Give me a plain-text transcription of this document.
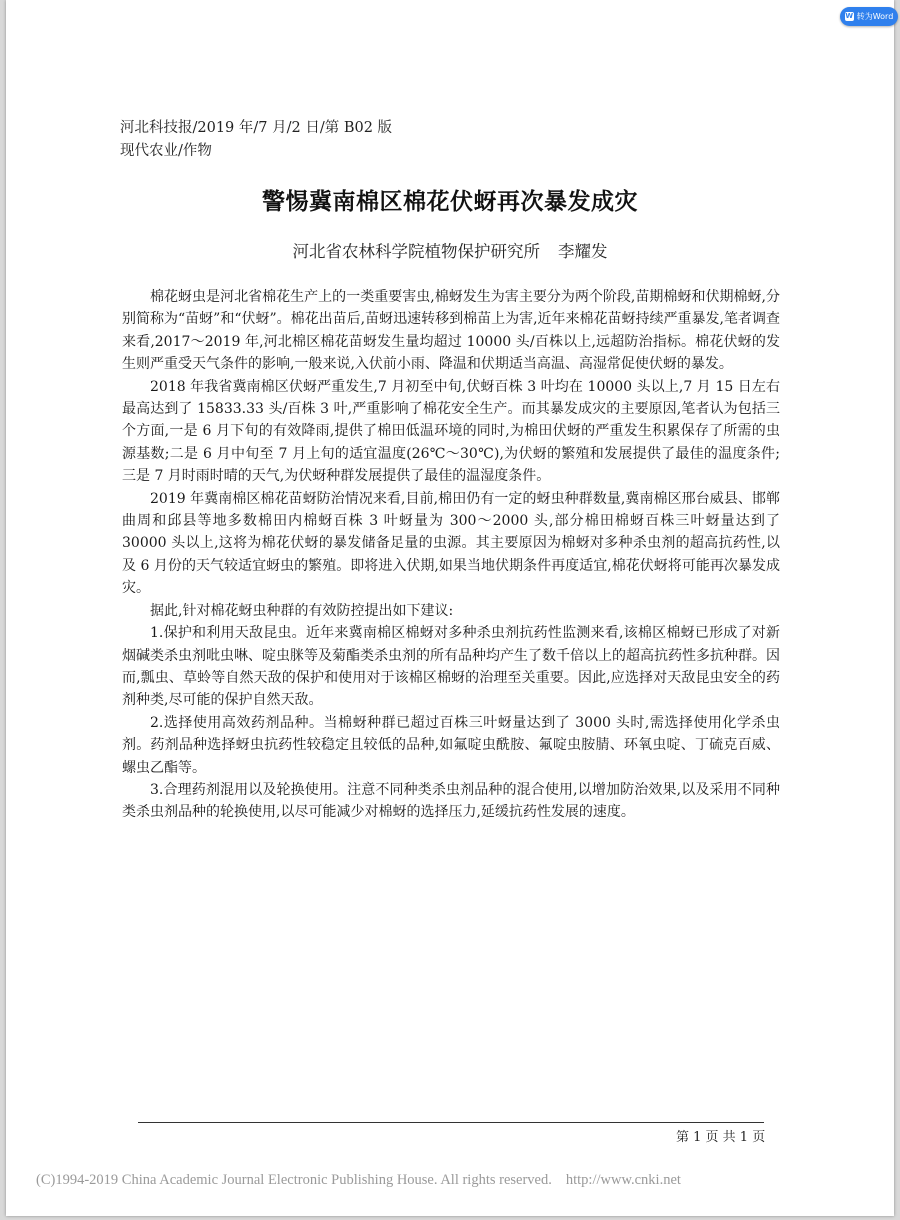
W 转为Word
河北科技报/2019 年/7 月/2 日/第 B02 版
现代农业/作物
警惕冀南棉区棉花伏蚜再次暴发成灾
河北省农林科学院植物保护研究所 李耀发

棉花蚜虫是河北省棉花生产上的一类重要害虫,棉蚜发生为害主要分为两个阶段,苗期棉蚜和伏期棉蚜,分别简称为“苗蚜”和“伏蚜”。棉花出苗后,苗蚜迅速转移到棉苗上为害,近年来棉花苗蚜持续严重暴发,笔者调查来看,2017～2019 年,河北棉区棉花苗蚜发生量均超过 10000 头/百株以上,远超防治指标。棉花伏蚜的发生则严重受天气条件的影响,一般来说,入伏前小雨、降温和伏期适当高温、高湿常促使伏蚜的暴发。

2018 年我省冀南棉区伏蚜严重发生,7 月初至中旬,伏蚜百株 3 叶均在 10000 头以上,7 月 15 日左右最高达到了 15833.33 头/百株 3 叶,严重影响了棉花安全生产。而其暴发成灾的主要原因,笔者认为包括三个方面,一是 6 月下旬的有效降雨,提供了棉田低温环境的同时,为棉田伏蚜的严重发生积累保存了所需的虫源基数;二是 6 月中旬至 7 月上旬的适宜温度(26℃～30℃),为伏蚜的繁殖和发展提供了最佳的温度条件;三是 7 月时雨时晴的天气,为伏蚜种群发展提供了最佳的温湿度条件。

2019 年冀南棉区棉花苗蚜防治情况来看,目前,棉田仍有一定的蚜虫种群数量,冀南棉区邢台威县、邯郸曲周和邱县等地多数棉田内棉蚜百株 3 叶蚜量为 300～2000 头,部分棉田棉蚜百株三叶蚜量达到了 30000 头以上,这将为棉花伏蚜的暴发储备足量的虫源。其主要原因为棉蚜对多种杀虫剂的超高抗药性,以及 6 月份的天气较适宜蚜虫的繁殖。即将进入伏期,如果当地伏期条件再度适宜,棉花伏蚜将可能再次暴发成灾。

据此,针对棉花蚜虫种群的有效防控提出如下建议:

1.保护和利用天敌昆虫。近年来冀南棉区棉蚜对多种杀虫剂抗药性监测来看,该棉区棉蚜已形成了对新烟碱类杀虫剂吡虫啉、啶虫脒等及菊酯类杀虫剂的所有品种均产生了数千倍以上的超高抗药性多抗种群。因而,瓢虫、草蛉等自然天敌的保护和使用对于该棉区棉蚜的治理至关重要。因此,应选择对天敌昆虫安全的药剂种类,尽可能的保护自然天敌。

2.选择使用高效药剂品种。当棉蚜种群已超过百株三叶蚜量达到了 3000 头时,需选择使用化学杀虫剂。药剂品种选择蚜虫抗药性较稳定且较低的品种,如氟啶虫酰胺、氟啶虫胺腈、环氧虫啶、丁硫克百威、螺虫乙酯等。

3.合理药剂混用以及轮换使用。注意不同种类杀虫剂品种的混合使用,以增加防治效果,以及采用不同种类杀虫剂品种的轮换使用,以尽可能减少对棉蚜的选择压力,延缓抗药性发展的速度。

第 1 页 共 1 页
(C)1994-2019 China Academic Journal Electronic Publishing House. All rights reserved. http://www.cnki.net
